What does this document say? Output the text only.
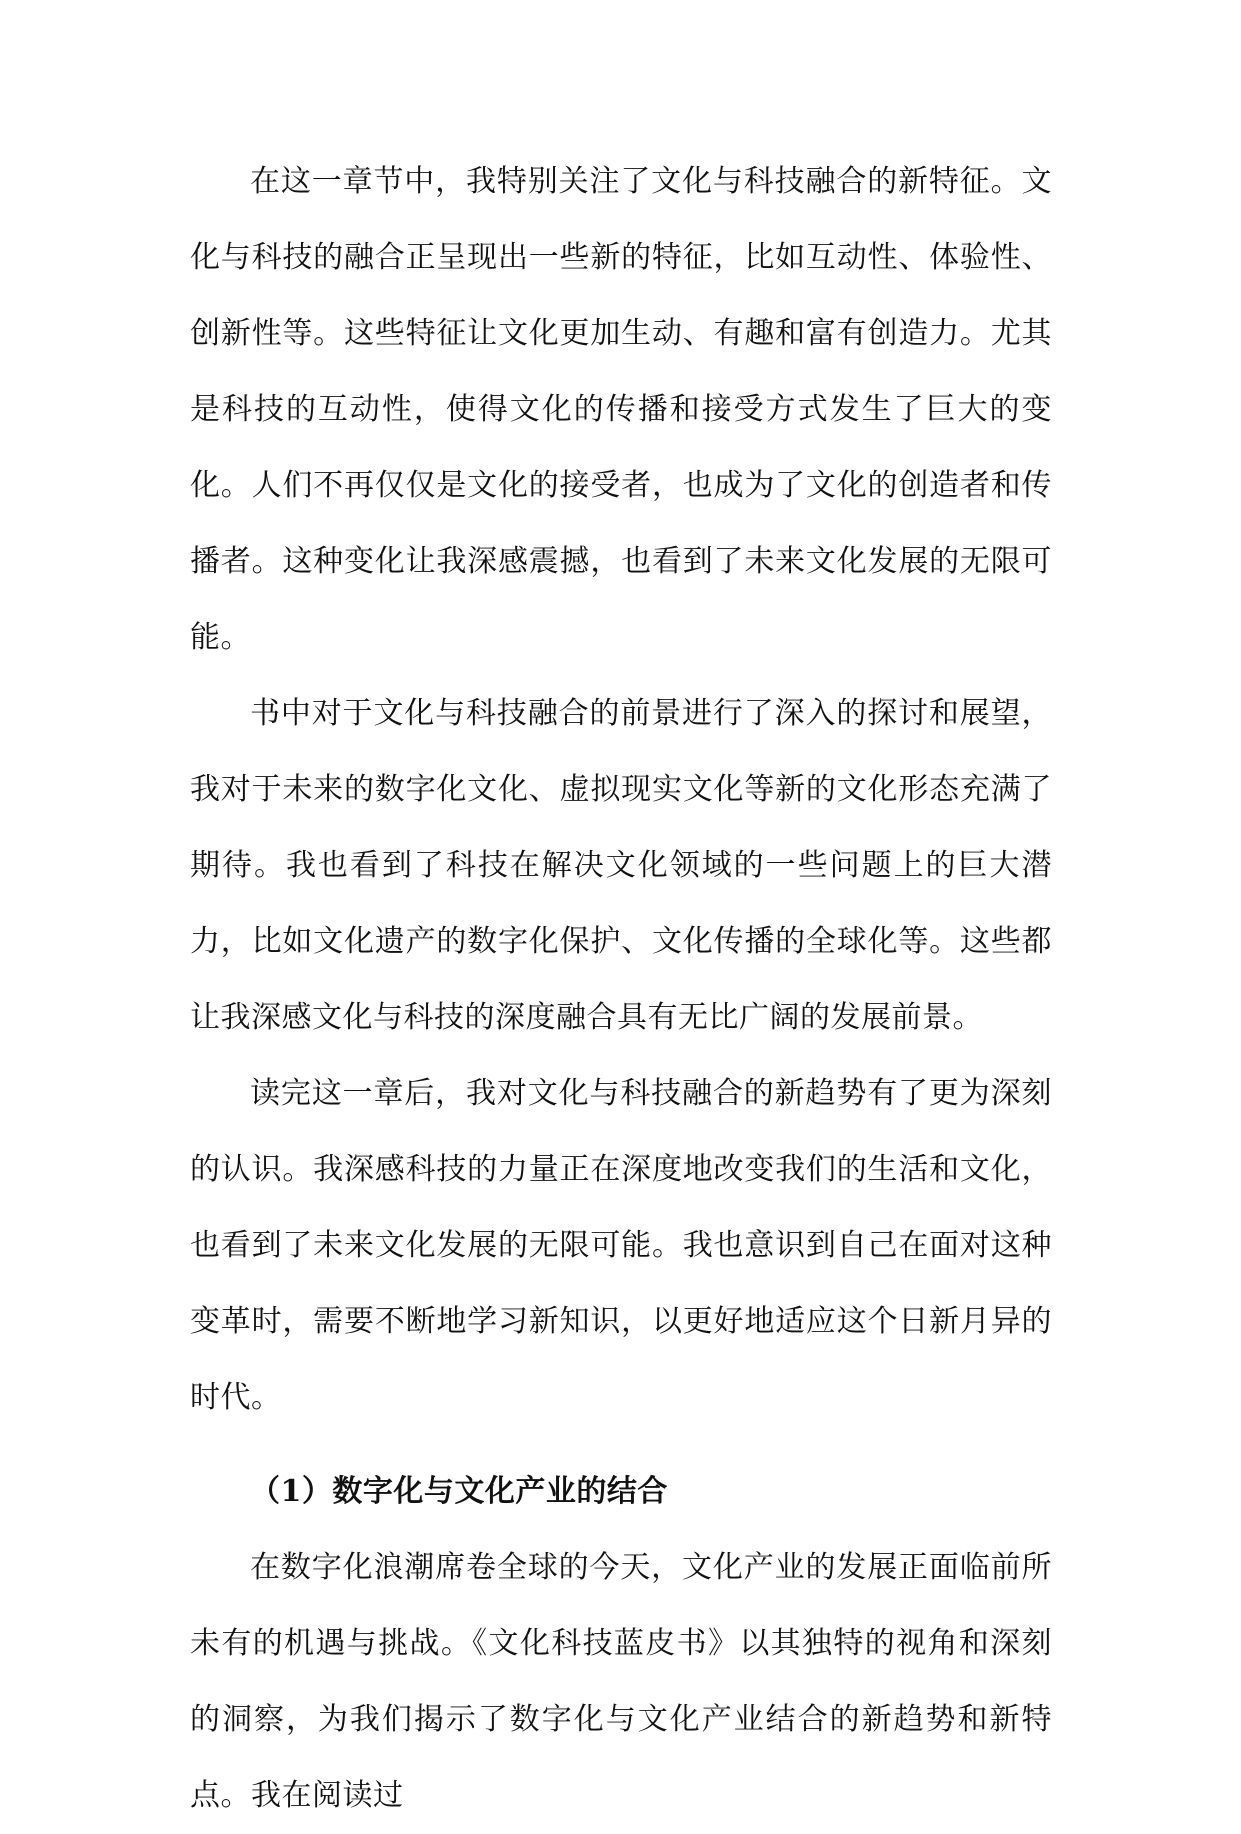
在这一章节中，我特别关注了文化与科技融合的新特征。文化与科技的融合正呈现出一些新的特征，比如互动性、体验性、创新性等。这些特征让文化更加生动、有趣和富有创造力。尤其是科技的互动性，使得文化的传播和接受方式发生了巨大的变化。人们不再仅仅是文化的接受者，也成为了文化的创造者和传播者。这种变化让我深感震撼，也看到了未来文化发展的无限可能。

书中对于文化与科技融合的前景进行了深入的探讨和展望，我对于未来的数字化文化、虚拟现实文化等新的文化形态充满了期待。我也看到了科技在解决文化领域的一些问题上的巨大潜力，比如文化遗产的数字化保护、文化传播的全球化等。这些都让我深感文化与科技的深度融合具有无比广阔的发展前景。

读完这一章后，我对文化与科技融合的新趋势有了更为深刻的认识。我深感科技的力量正在深度地改变我们的生活和文化，也看到了未来文化发展的无限可能。我也意识到自己在面对这种变革时，需要不断地学习新知识，以更好地适应这个日新月异的时代。

（1）数字化与文化产业的结合

在数字化浪潮席卷全球的今天，文化产业的发展正面临前所未有的机遇与挑战。《文化科技蓝皮书》以其独特的视角和深刻的洞察，为我们揭示了数字化与文化产业结合的新趋势和新特点。我在阅读过
